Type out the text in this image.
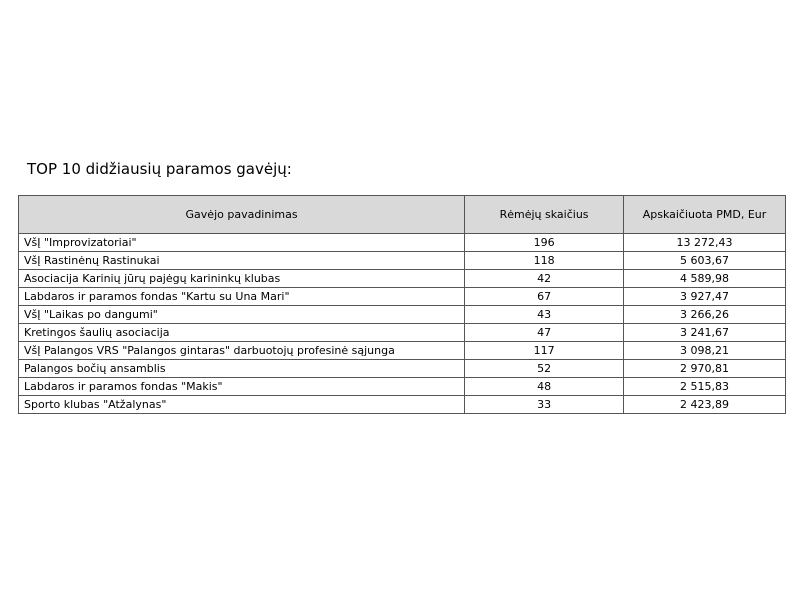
TOP 10 didžiausių paramos gavėjų:
Gavėjo pavadinimas	Rėmėjų skaičius	Apskaičiuota PMD, Eur
VšĮ "Improvizatoriai"	196	13 272,43
VšĮ Rastinėnų Rastinukai	118	5 603,67
Asociacija Karinių jūrų pajėgų karininkų klubas	42	4 589,98
Labdaros ir paramos fondas "Kartu su Una Mari"	67	3 927,47
VšĮ "Laikas po dangumi"	43	3 266,26
Kretingos šaulių asociacija	47	3 241,67
VšĮ Palangos VRS "Palangos gintaras" darbuotojų profesinė sąjunga	117	3 098,21
Palangos bočių ansamblis	52	2 970,81
Labdaros ir paramos fondas "Makis"	48	2 515,83
Sporto klubas "Atžalynas"	33	2 423,89
